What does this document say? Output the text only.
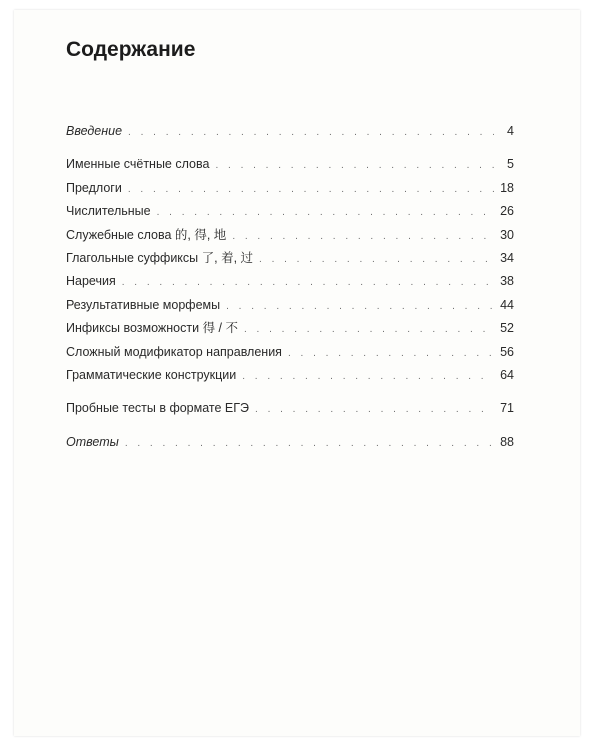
Содержание
Введение . . .	4
Именные счётные слова . . .	5
Предлоги . . .	18
Числительные . . .	26
Служебные слова 的, 得, 地 . . .	30
Глагольные суффиксы 了, 着, 过 . . .	34
Наречия . . .	38
Результативные морфемы . . .	44
Инфиксы возможности 得 / 不 . . .	52
Сложный модификатор направления . . .	56
Грамматические конструкции . . .	64
Пробные тесты в формате ЕГЭ . . .	71
Ответы . . .	88
